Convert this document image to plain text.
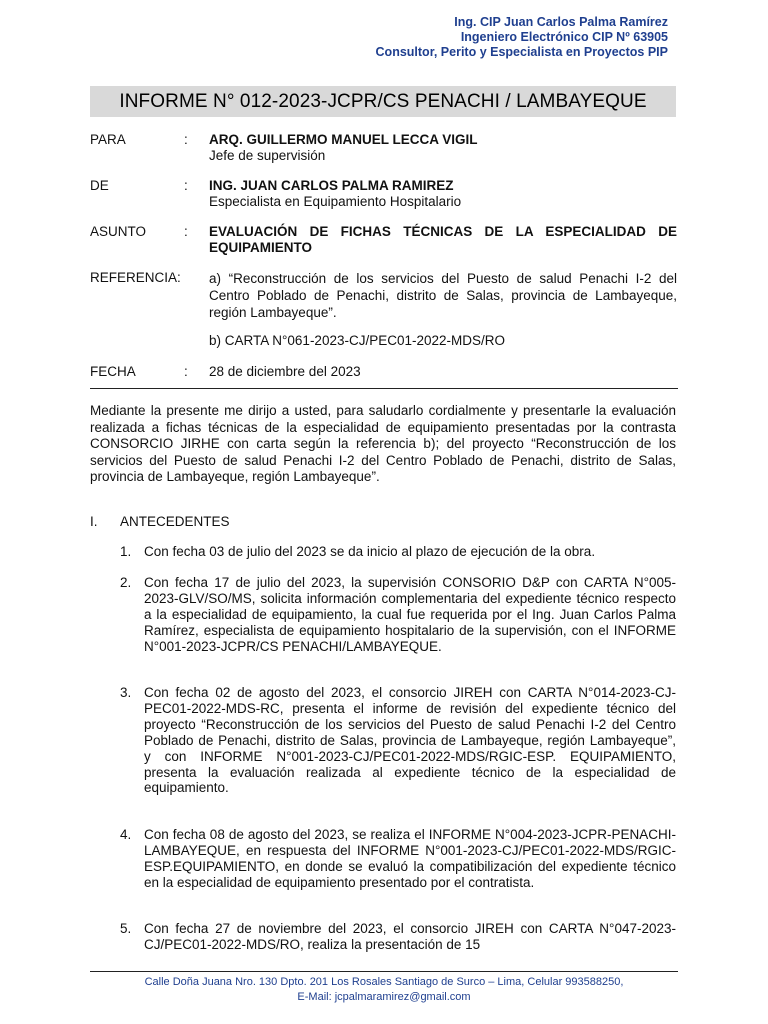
Ing. CIP Juan Carlos Palma Ramírez
Ingeniero Electrónico CIP Nº 63905
Consultor, Perito y Especialista en Proyectos PIP
INFORME N° 012-2023-JCPR/CS PENACHI / LAMBAYEQUE
PARA	: ARQ. GUILLERMO MANUEL LECCA VIGIL
Jefe de supervisión
DE	: ING. JUAN CARLOS PALMA RAMIREZ
Especialista en Equipamiento Hospitalario
ASUNTO	: EVALUACIÓN DE FICHAS TÉCNICAS DE LA ESPECIALIDAD DE EQUIPAMIENTO
REFERENCIA: a) “Reconstrucción de los servicios del Puesto de salud Penachi I-2 del Centro Poblado de Penachi, distrito de Salas, provincia de Lambayeque, región Lambayeque”.
b) CARTA N°061-2023-CJ/PEC01-2022-MDS/RO
FECHA	: 28 de diciembre del 2023

Mediante la presente me dirijo a usted, para saludarlo cordialmente y presentarle la evaluación realizada a fichas técnicas de la especialidad de equipamiento presentadas por la contrasta CONSORCIO JIRHE con carta según la referencia b); del proyecto “Reconstrucción de los servicios del Puesto de salud Penachi I-2 del Centro Poblado de Penachi, distrito de Salas, provincia de Lambayeque, región Lambayeque”.

I. ANTECEDENTES
1. Con fecha 03 de julio del 2023 se da inicio al plazo de ejecución de la obra.

2. Con fecha 17 de julio del 2023, la supervisión CONSORIO D&P con CARTA N°005-2023-GLV/SO/MS, solicita información complementaria del expediente técnico respecto a la especialidad de equipamiento, la cual fue requerida por el Ing. Juan Carlos Palma Ramírez, especialista de equipamiento hospitalario de la supervisión, con el INFORME N°001-2023-JCPR/CS PENACHI/LAMBAYEQUE.

3. Con fecha 02 de agosto del 2023, el consorcio JIREH con CARTA N°014-2023-CJ-PEC01-2022-MDS-RC, presenta el informe de revisión del expediente técnico del proyecto “Reconstrucción de los servicios del Puesto de salud Penachi I-2 del Centro Poblado de Penachi, distrito de Salas, provincia de Lambayeque, región Lambayeque”, y con INFORME N°001-2023-CJ/PEC01-2022-MDS/RGIC-ESP. EQUIPAMIENTO, presenta la evaluación realizada al expediente técnico de la especialidad de equipamiento.

4. Con fecha 08 de agosto del 2023, se realiza el INFORME N°004-2023-JCPR-PENACHI-LAMBAYEQUE, en respuesta del INFORME N°001-2023-CJ/PEC01-2022-MDS/RGIC-ESP.EQUIPAMIENTO, en donde se evaluó la compatibilización del expediente técnico en la especialidad de equipamiento presentado por el contratista.

5. Con fecha 27 de noviembre del 2023, el consorcio JIREH con CARTA N°047-2023-CJ/PEC01-2022-MDS/RO, realiza la presentación de 15

Calle Doña Juana Nro. 130 Dpto. 201 Los Rosales Santiago de Surco – Lima, Celular 993588250,
E-Mail: jcpalmaramirez@gmail.com
